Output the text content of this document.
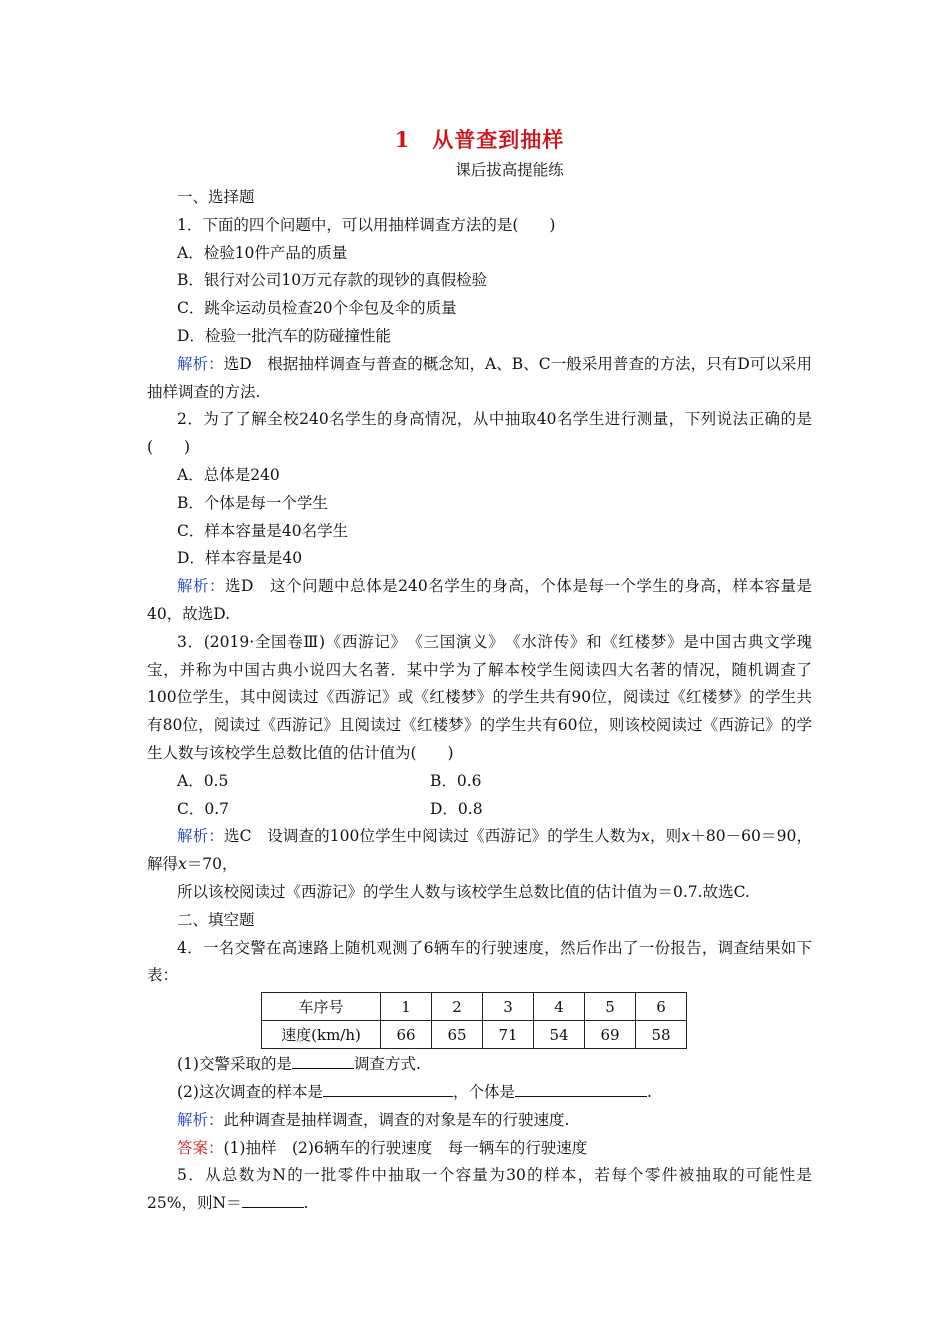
1　从普查到抽样
课后拔高提能练

一、选择题

1．下面的四个问题中，可以用抽样调查方法的是(　　)

A．检验10件产品的质量

B．银行对公司10万元存款的现钞的真假检验

C．跳伞运动员检查20个伞包及伞的质量

D．检验一批汽车的防碰撞性能

解析：选D　根据抽样调查与普查的概念知，A、B、C一般采用普查的方法，只有D可以采用抽样调查的方法.

2．为了了解全校240名学生的身高情况，从中抽取40名学生进行测量，下列说法正确的是(　　)

A．总体是240

B．个体是每一个学生

C．样本容量是40名学生

D．样本容量是40

解析：选D　这个问题中总体是240名学生的身高，个体是每一个学生的身高，样本容量是40，故选D.

3．(2019·全国卷Ⅲ)《西游记》　《三国演义》　《水浒传》和《红楼梦》是中国古典文学瑰宝，并称为中国古典小说四大名著．某中学为了解本校学生阅读四大名著的情况，随机调查了100位学生，其中阅读过《西游记》或《红楼梦》的学生共有90位，阅读过《红楼梦》的学生共有80位，阅读过《西游记》且阅读过《红楼梦》的学生共有60位，则该校阅读过《西游记》的学生人数与该校学生总数比值的估计值为(　　)

A．0.5	B．0.6

C．0.7	D．0.8

解析：选C　设调查的100位学生中阅读过《西游记》的学生人数为x，则x＋80－60＝90，解得x＝70，

所以该校阅读过《西游记》的学生人数与该校学生总数比值的估计值为＝0.7.故选C.

二、填空题

4．一名交警在高速路上随机观测了6辆车的行驶速度，然后作出了一份报告，调查结果如下表：

车序号	1	2	3	4	5	6
速度(km/h)	66	65	71	54	69	58

(1)交警采取的是	调查方式.

(2)这次调查的样本是	，个体是	.

解析：此种调查是抽样调查，调查的对象是车的行驶速度.

答案：(1)抽样　(2)6辆车的行驶速度　每一辆车的行驶速度

5．从总数为N的一批零件中抽取一个容量为30的样本，若每个零件被抽取的可能性是25%，则N＝	.
